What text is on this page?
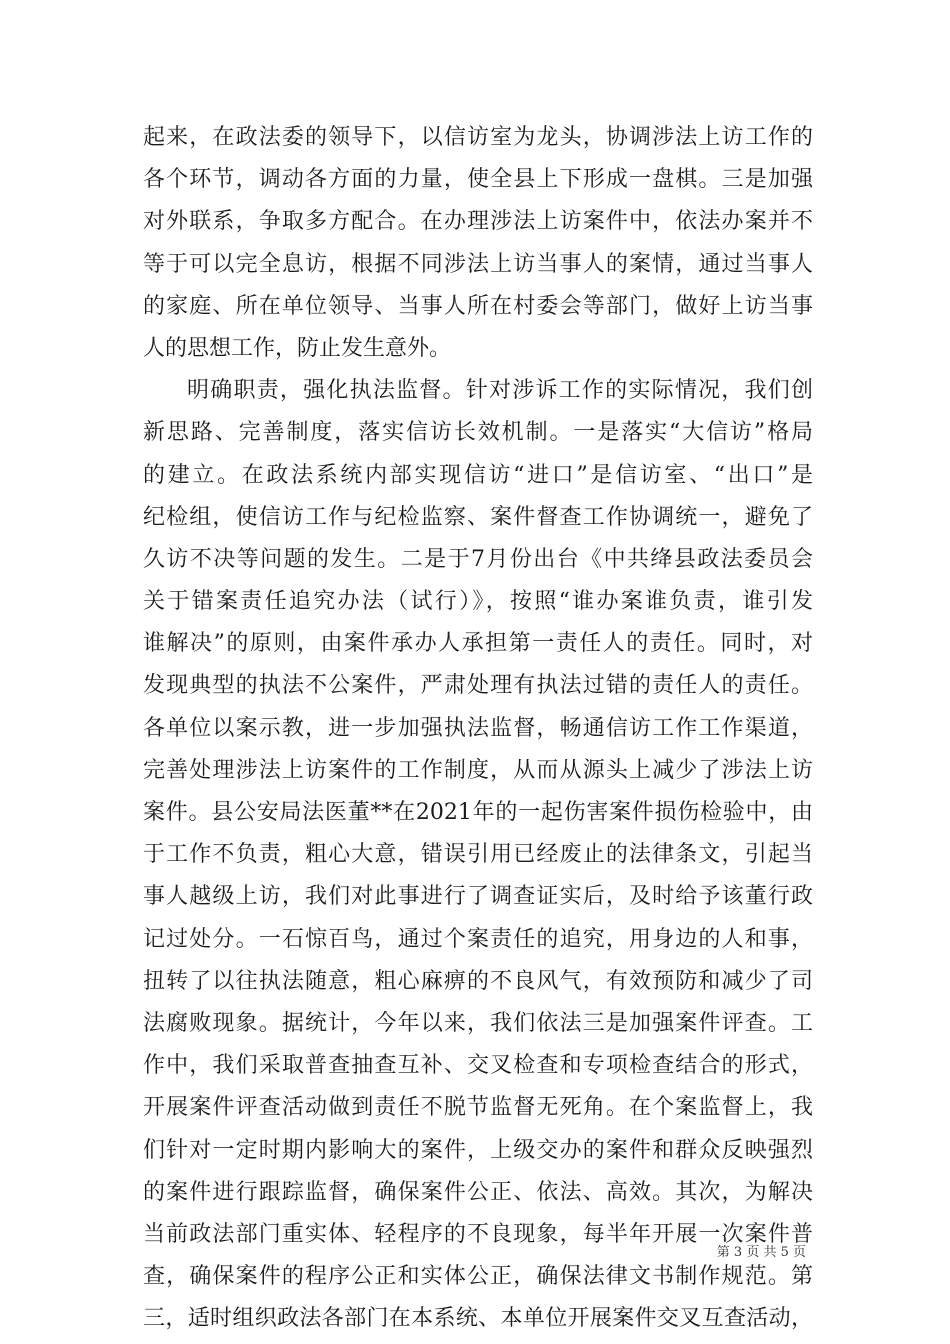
起来，在政法委的领导下，以信访室为龙头，协调涉法上访工作的
各个环节，调动各方面的力量，使全县上下形成一盘棋。三是加强
对外联系，争取多方配合。在办理涉法上访案件中，依法办案并不
等于可以完全息访，根据不同涉法上访当事人的案情，通过当事人
的家庭、所在单位领导、当事人所在村委会等部门，做好上访当事
人的思想工作，防止发生意外。
明确职责，强化执法监督。针对涉诉工作的实际情况，我们创
新思路、完善制度，落实信访长效机制。一是落实“大信访”格局
的建立。在政法系统内部实现信访“进口”是信访室、“出口”是
纪检组，使信访工作与纪检监察、案件督查工作协调统一，避免了
久访不决等问题的发生。二是于7月份出台《中共绛县政法委员会
关于错案责任追究办法（试行）》，按照“谁办案谁负责，谁引发
谁解决”的原则，由案件承办人承担第一责任人的责任。同时，对
发现典型的执法不公案件，严肃处理有执法过错的责任人的责任。
各单位以案示教，进一步加强执法监督，畅通信访工作工作渠道，
完善处理涉法上访案件的工作制度，从而从源头上减少了涉法上访
案件。县公安局法医董**在2021年的一起伤害案件损伤检验中，由
于工作不负责，粗心大意，错误引用已经废止的法律条文，引起当
事人越级上访，我们对此事进行了调查证实后，及时给予该董行政
记过处分。一石惊百鸟，通过个案责任的追究，用身边的人和事，
扭转了以往执法随意，粗心麻痹的不良风气，有效预防和减少了司
法腐败现象。据统计，今年以来，我们依法三是加强案件评查。工
作中，我们采取普查抽查互补、交叉检查和专项检查结合的形式，
开展案件评查活动做到责任不脱节监督无死角。在个案监督上，我
们针对一定时期内影响大的案件，上级交办的案件和群众反映强烈
的案件进行跟踪监督，确保案件公正、依法、高效。其次，为解决
当前政法部门重实体、轻程序的不良现象，每半年开展一次案件普
查，确保案件的程序公正和实体公正，确保法律文书制作规范。第
三，适时组织政法各部门在本系统、本单位开展案件交叉互查活动，
第 3 页 共 5 页
